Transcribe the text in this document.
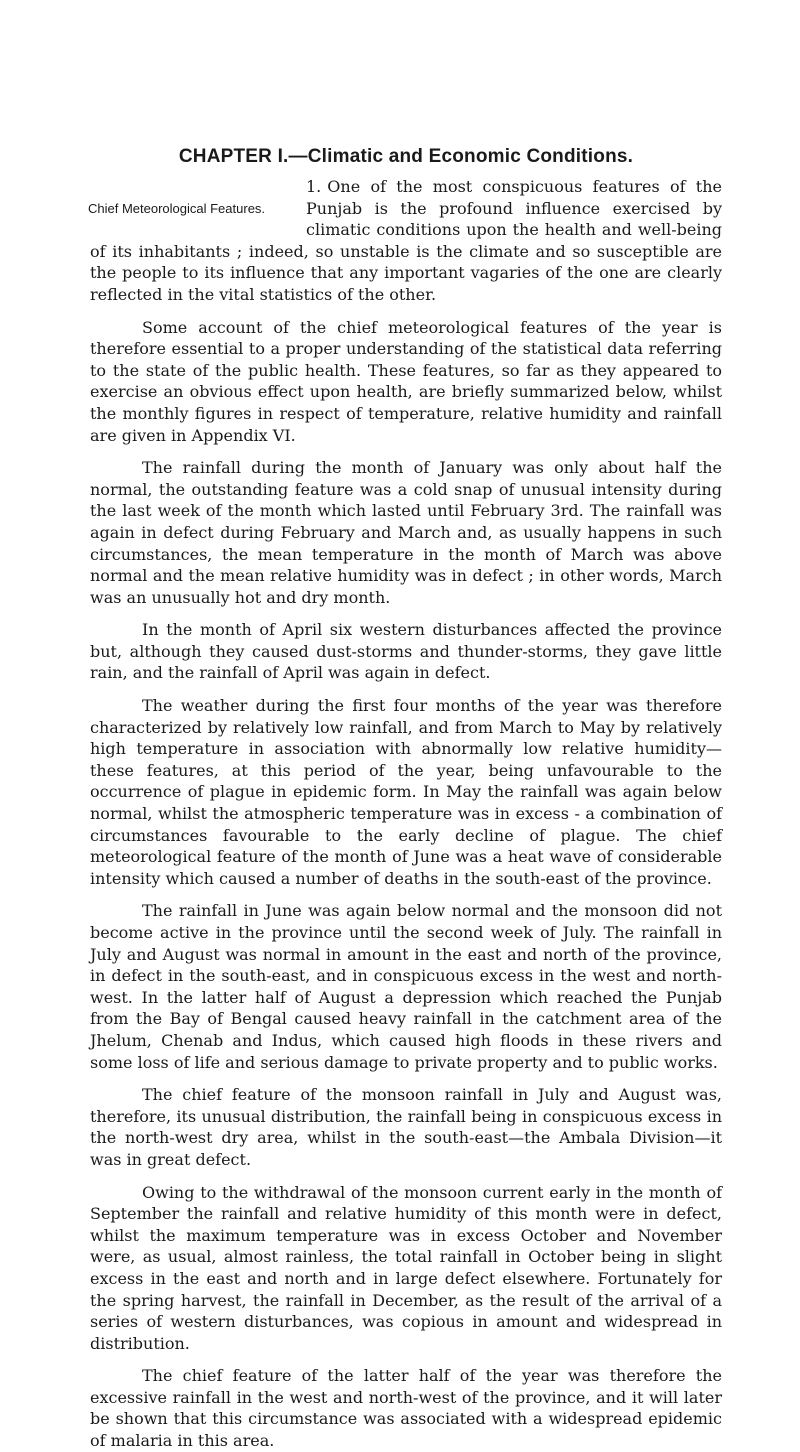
CHAPTER I.—Climatic and Economic Conditions.

1.
Chief Meteorological Features.
One of the most conspicuous features of the Punjab is the profound influence exercised by climatic conditions upon the health and well-being of its inhabitants ; indeed, so unstable is the climate and so susceptible are the people to its influence that any important vagaries of the one are clearly reflected in the vital statistics of the other.

Some account of the chief meteorological features of the year is therefore essential to a proper understanding of the statistical data referring to the state of the public health. These features, so far as they appeared to exercise an obvious effect upon health, are briefly summarized below, whilst the monthly figures in respect of temperature, relative humidity and rainfall are given in Appendix VI.

The rainfall during the month of January was only about half the normal, the outstanding feature was a cold snap of unusual intensity during the last week of the month which lasted until February 3rd. The rainfall was again in defect during February and March and, as usually happens in such circumstances, the mean temperature in the month of March was above normal and the mean relative humidity was in defect ; in other words, March was an unusually hot and dry month.

In the month of April six western disturbances affected the province but, although they caused dust-storms and thunder-storms, they gave little rain, and the rainfall of April was again in defect.

The weather during the first four months of the year was therefore characterized by relatively low rainfall, and from March to May by relatively high temperature in association with abnormally low relative humidity—these features, at this period of the year, being unfavourable to the occurrence of plague in epidemic form. In May the rainfall was again below normal, whilst the atmospheric temperature was in excess - a combination of circumstances favourable to the early decline of plague. The chief meteorological feature of the month of June was a heat wave of considerable intensity which caused a number of deaths in the south-east of the province.

The rainfall in June was again below normal and the monsoon did not become active in the province until the second week of July. The rainfall in July and August was normal in amount in the east and north of the province, in defect in the south-east, and in conspicuous excess in the west and north-west. In the latter half of August a depression which reached the Punjab from the Bay of Bengal caused heavy rainfall in the catchment area of the Jhelum, Chenab and Indus, which caused high floods in these rivers and some loss of life and serious damage to private property and to public works.

The chief feature of the monsoon rainfall in July and August was, therefore, its unusual distribution, the rainfall being in conspicuous excess in the north-west dry area, whilst in the south-east—the Ambala Division—it was in great defect.

Owing to the withdrawal of the monsoon current early in the month of September the rainfall and relative humidity of this month were in defect, whilst the maximum temperature was in excess October and November were, as usual, almost rainless, the total rainfall in October being in slight excess in the east and north and in large defect elsewhere. Fortunately for the spring harvest, the rainfall in December, as the result of the arrival of a series of western disturbances, was copious in amount and widespread in distribution.

The chief feature of the latter half of the year was therefore the excessive rainfall in the west and north-west of the province, and it will later be shown that this circumstance was associated with a widespread epidemic of malaria in this area.
